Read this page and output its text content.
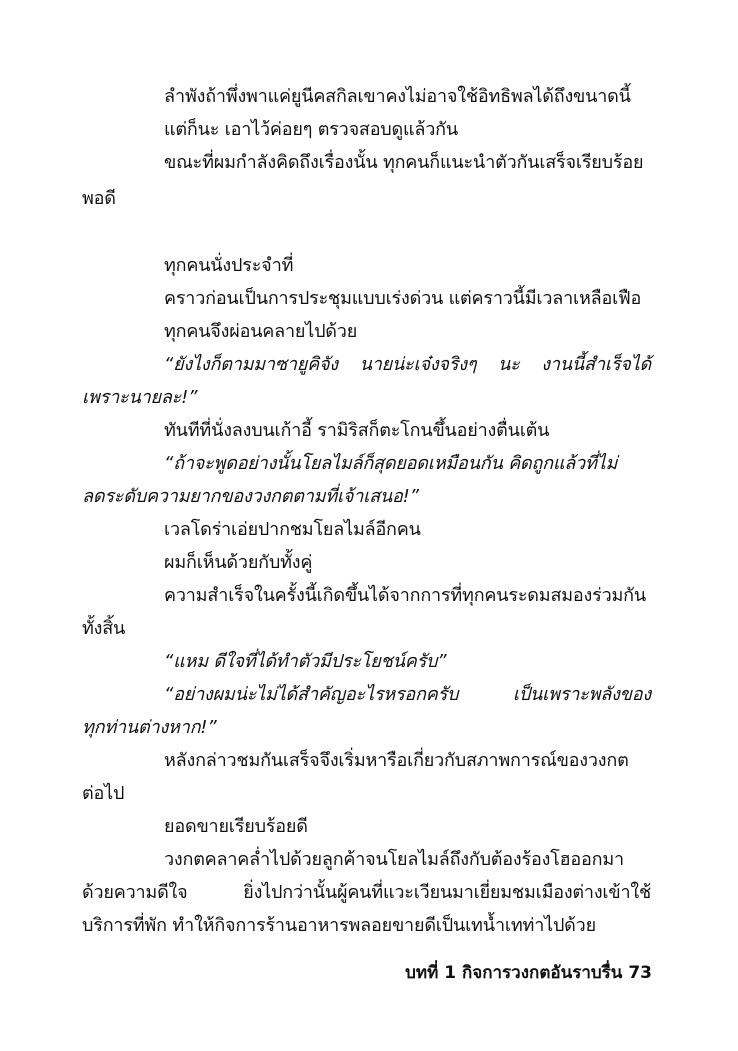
ลำพังถ้าพึ่งพาแค่ยูนีคสกิลเขาคงไม่อาจใช้อิทธิพลได้ถึงขนาดนี้
แต่ก็นะ เอาไว้ค่อยๆ ตรวจสอบดูแล้วกัน
ขณะที่ผมกำลังคิดถึงเรื่องนั้น ทุกคนก็แนะนำตัวกันเสร็จเรียบร้อย
พอดี
ทุกคนนั่งประจำที่
คราวก่อนเป็นการประชุมแบบเร่งด่วน แต่คราวนี้มีเวลาเหลือเฟือ
ทุกคนจึงผ่อนคลายไปด้วย
“ยังไงก็ตามมาซายูคิจัง นายน่ะเจ๋งจริงๆ นะ งานนี้สำเร็จได้
เพราะนายละ!”
ทันทีที่นั่งลงบนเก้าอี้ รามิริสก็ตะโกนขึ้นอย่างตื่นเต้น
“ถ้าจะพูดอย่างนั้นโยลไมล์ก็สุดยอดเหมือนกัน คิดถูกแล้วที่ไม่
ลดระดับความยากของวงกตตามที่เจ้าเสนอ!”
เวลโดร่าเอ่ยปากชมโยลไมล์อีกคน
ผมก็เห็นด้วยกับทั้งคู่
ความสำเร็จในครั้งนี้เกิดขึ้นได้จากการที่ทุกคนระดมสมองร่วมกัน
ทั้งสิ้น
“แหม ดีใจที่ได้ทำตัวมีประโยชน์ครับ”
“อย่างผมน่ะไม่ได้สำคัญอะไรหรอกครับ เป็นเพราะพลังของ
ทุกท่านต่างหาก!”
หลังกล่าวชมกันเสร็จจึงเริ่มหารือเกี่ยวกับสภาพการณ์ของวงกต
ต่อไป
ยอดขายเรียบร้อยดี
วงกตคลาคล่ำไปด้วยลูกค้าจนโยลไมล์ถึงกับต้องร้องโฮออกมา
ด้วยความดีใจ ยิ่งไปกว่านั้นผู้คนที่แวะเวียนมาเยี่ยมชมเมืองต่างเข้าใช้
บริการที่พัก ทำให้กิจการร้านอาหารพลอยขายดีเป็นเทน้ำเทท่าไปด้วย
บทที่ 1 กิจการวงกตอันราบรื่น 73
